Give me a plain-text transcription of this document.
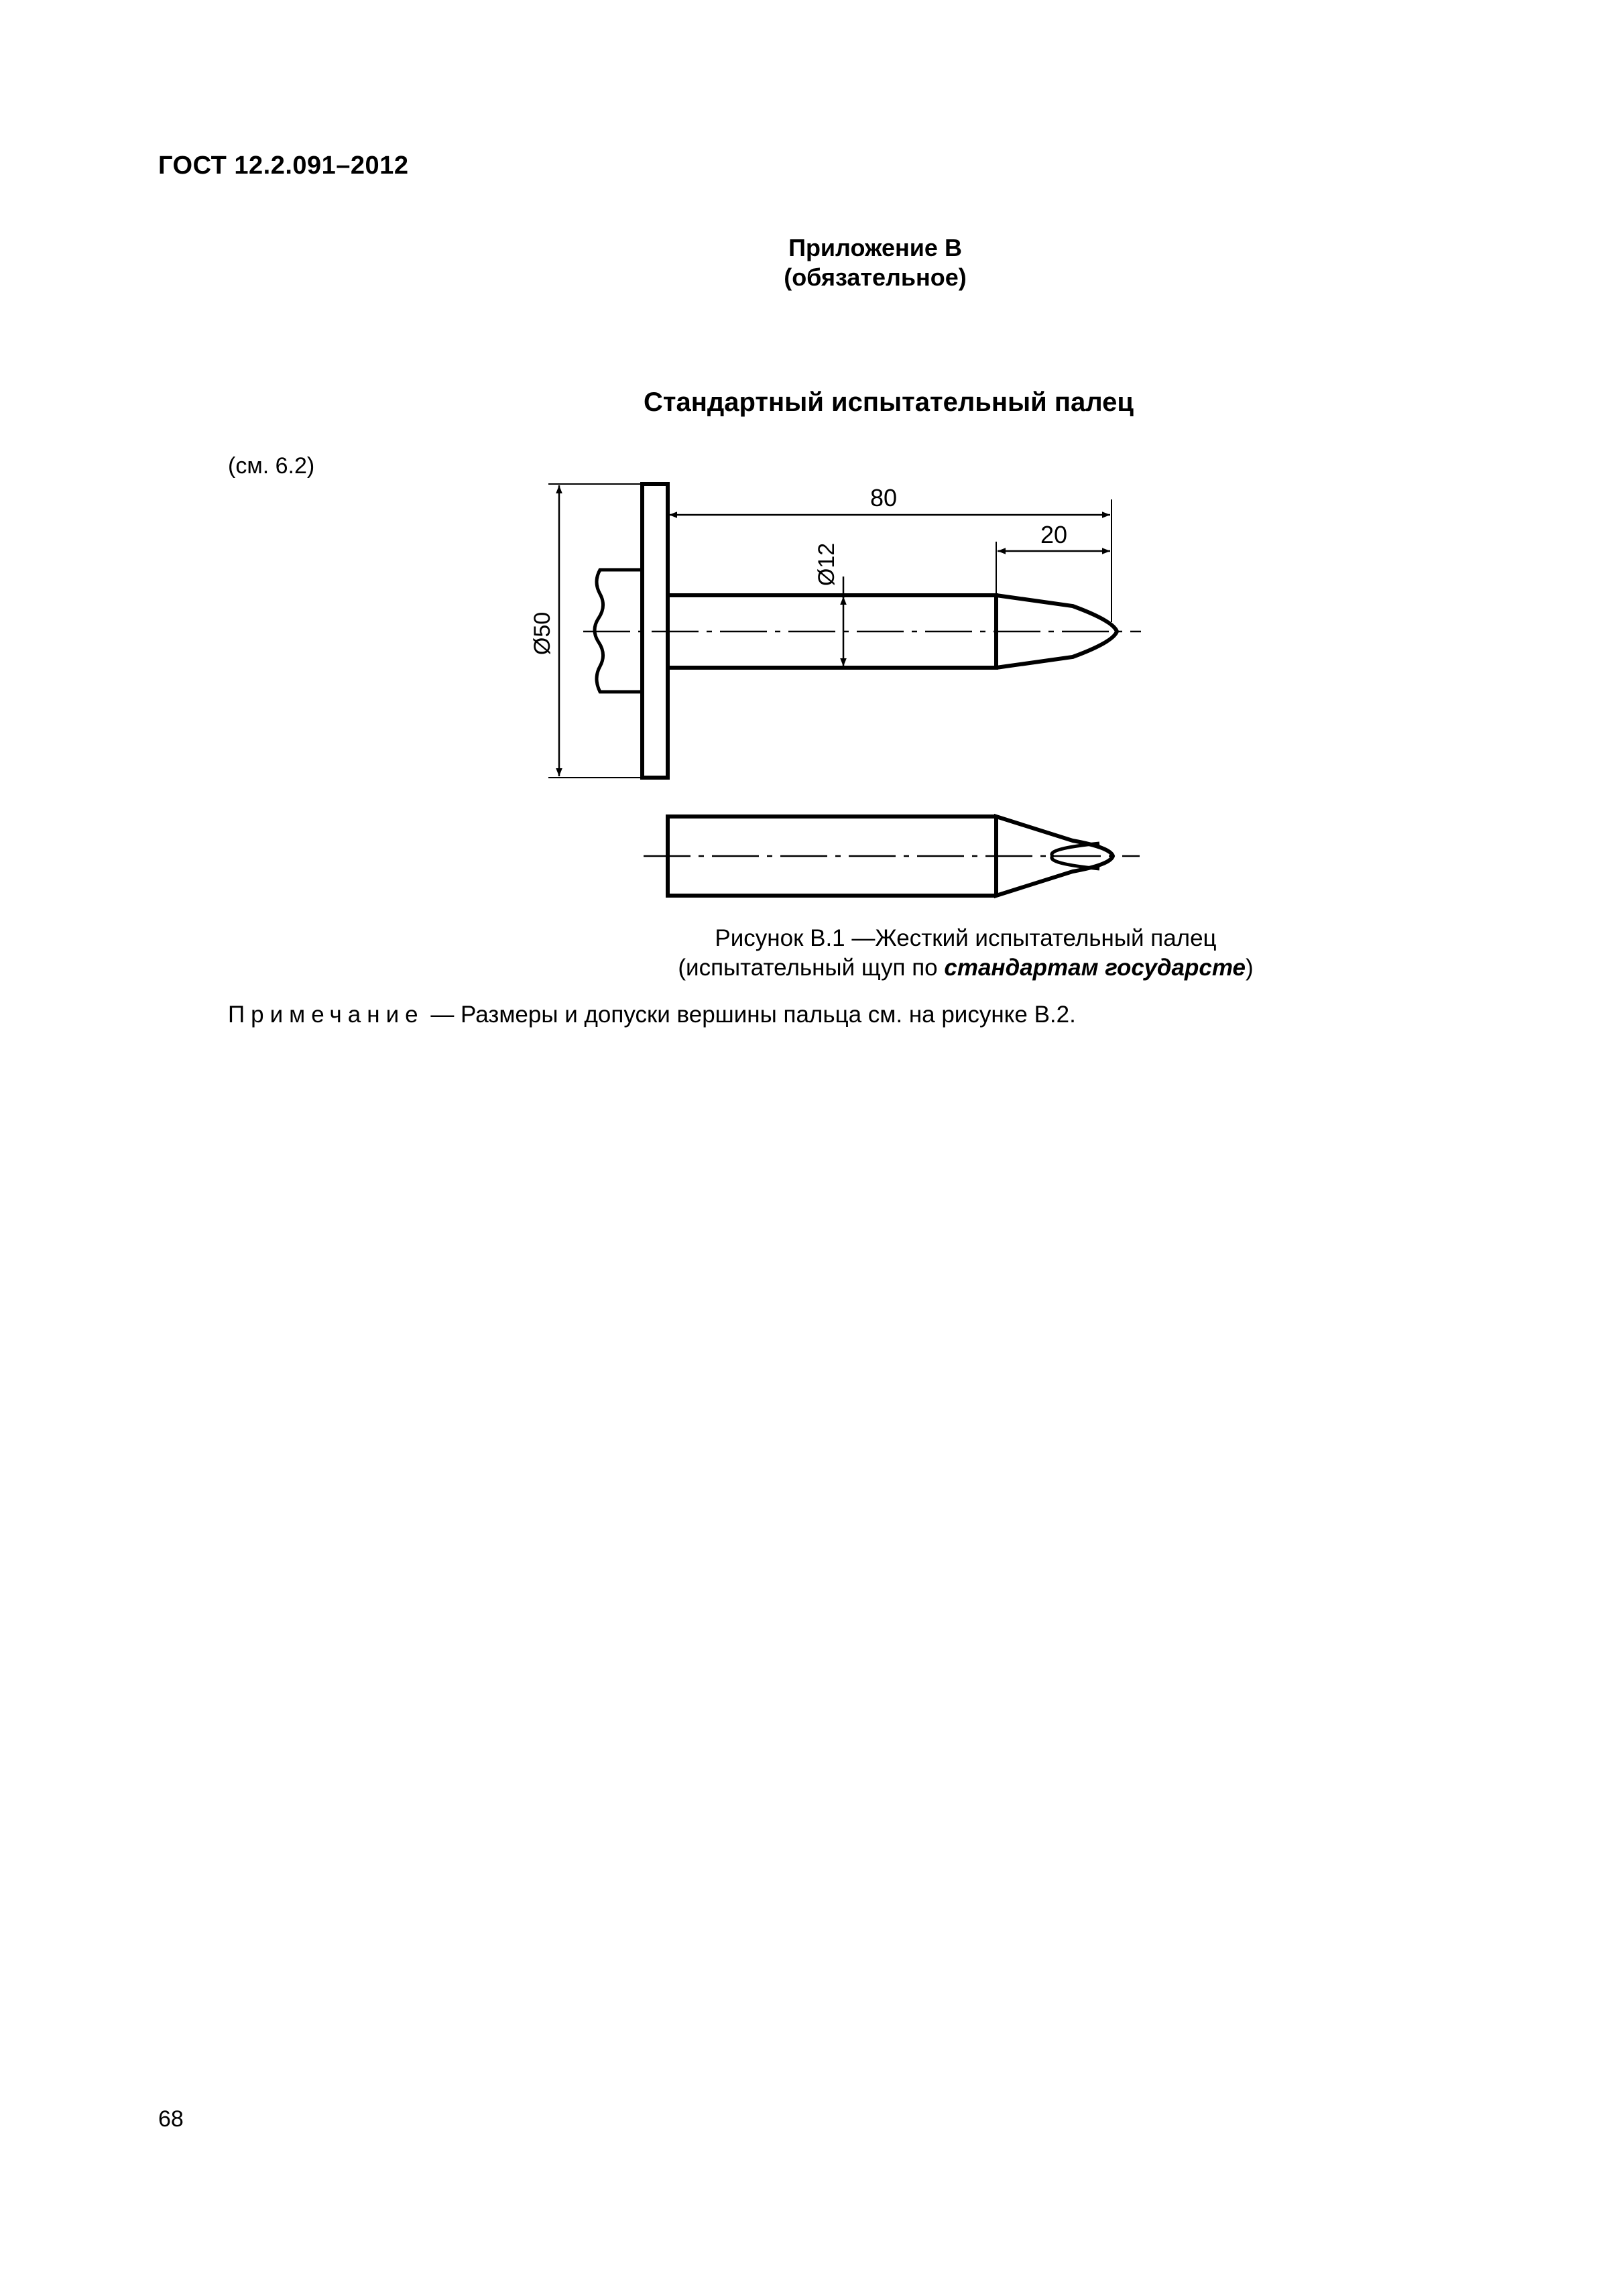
ГОСТ 12.2.091–2012
Приложение В
(обязательное)
Стандартный испытательный палец
(см. 6.2)
Ø50
Ø12
80
20
Рисунок В.1 —Жесткий испытательный палец
(испытательный щуп по стандартам государсте)
Примечание — Размеры и допуски вершины пальца см. на рисунке В.2.
68
